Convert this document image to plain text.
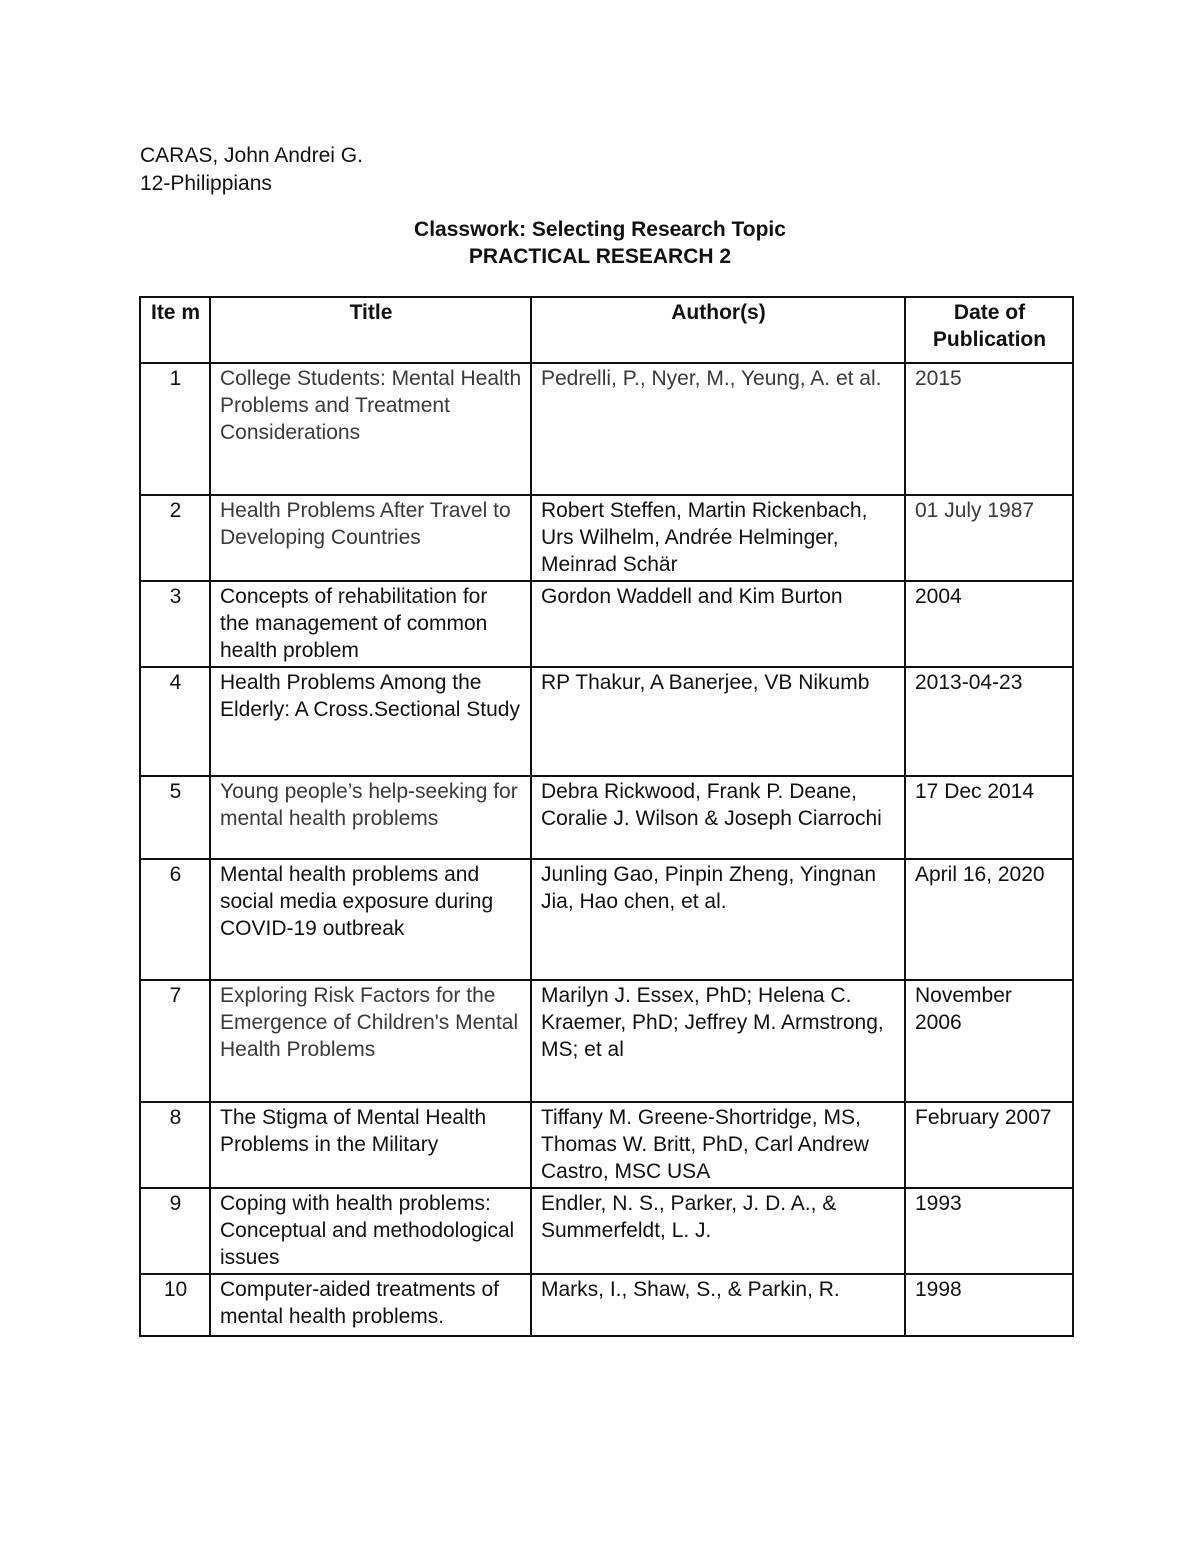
CARAS, John Andrei G.
12-Philippians
Classwork: Selecting Research Topic
PRACTICAL RESEARCH 2
Ite m	Title	Author(s)	Date of Publication
1	College Students: Mental Health Problems and Treatment Considerations	Pedrelli, P., Nyer, M., Yeung, A. et al.	2015
2	Health Problems After Travel to Developing Countries	Robert Steffen, Martin Rickenbach, Urs Wilhelm, Andrée Helminger, Meinrad Schär	01 July 1987
3	Concepts of rehabilitation for the management of common health problem	Gordon Waddell and Kim Burton	2004
4	Health Problems Among the Elderly: A Cross.Sectional Study	RP Thakur, A Banerjee, VB Nikumb	2013-04-23
5	Young people’s help-seeking for mental health problems	Debra Rickwood, Frank P. Deane, Coralie J. Wilson & Joseph Ciarrochi	17 Dec 2014
6	Mental health problems and social media exposure during COVID-19 outbreak	Junling Gao, Pinpin Zheng, Yingnan Jia, Hao chen, et al.	April 16, 2020
7	Exploring Risk Factors for the Emergence of Children's Mental Health Problems	Marilyn J. Essex, PhD; Helena C. Kraemer, PhD; Jeffrey M. Armstrong, MS; et al	November 2006
8	The Stigma of Mental Health Problems in the Military	Tiffany M. Greene-Shortridge, MS, Thomas W. Britt, PhD, Carl Andrew Castro, MSC USA	February 2007
9	Coping with health problems: Conceptual and methodological issues	Endler, N. S., Parker, J. D. A., & Summerfeldt, L. J.	1993
10	Computer-aided treatments of mental health problems.	Marks, I., Shaw, S., & Parkin, R.	1998
